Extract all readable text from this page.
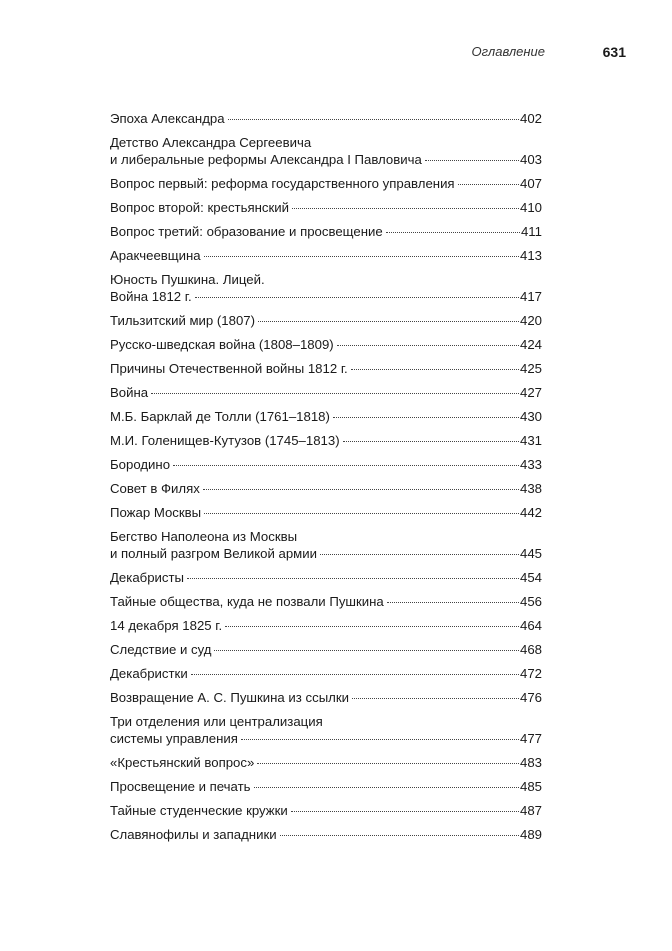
Оглавление	631
Эпоха Александра	402
Детство Александра Сергеевича
и либеральные реформы Александра I Павловича	403
Вопрос первый: реформа государственного управления	407
Вопрос второй: крестьянский	410
Вопрос третий: образование и просвещение	411
Аракчеевщина	413
Юность Пушкина. Лицей.
Война 1812 г.	417
Тильзитский мир (1807)	420
Русско-шведская война (1808–1809)	424
Причины Отечественной войны 1812 г.	425
Война	427
М.Б. Барклай де Толли (1761–1818)	430
М.И. Голенищев-Кутузов (1745–1813)	431
Бородино	433
Совет в Филях	438
Пожар Москвы	442
Бегство Наполеона из Москвы
и полный разгром Великой армии	445
Декабристы	454
Тайные общества, куда не позвали Пушкина	456
14 декабря 1825 г.	464
Следствие и суд	468
Декабристки	472
Возвращение А. С. Пушкина из ссылки	476
Три отделения или централизация
системы управления	477
«Крестьянский вопрос»	483
Просвещение и печать	485
Тайные студенческие кружки	487
Славянофилы и западники	489
